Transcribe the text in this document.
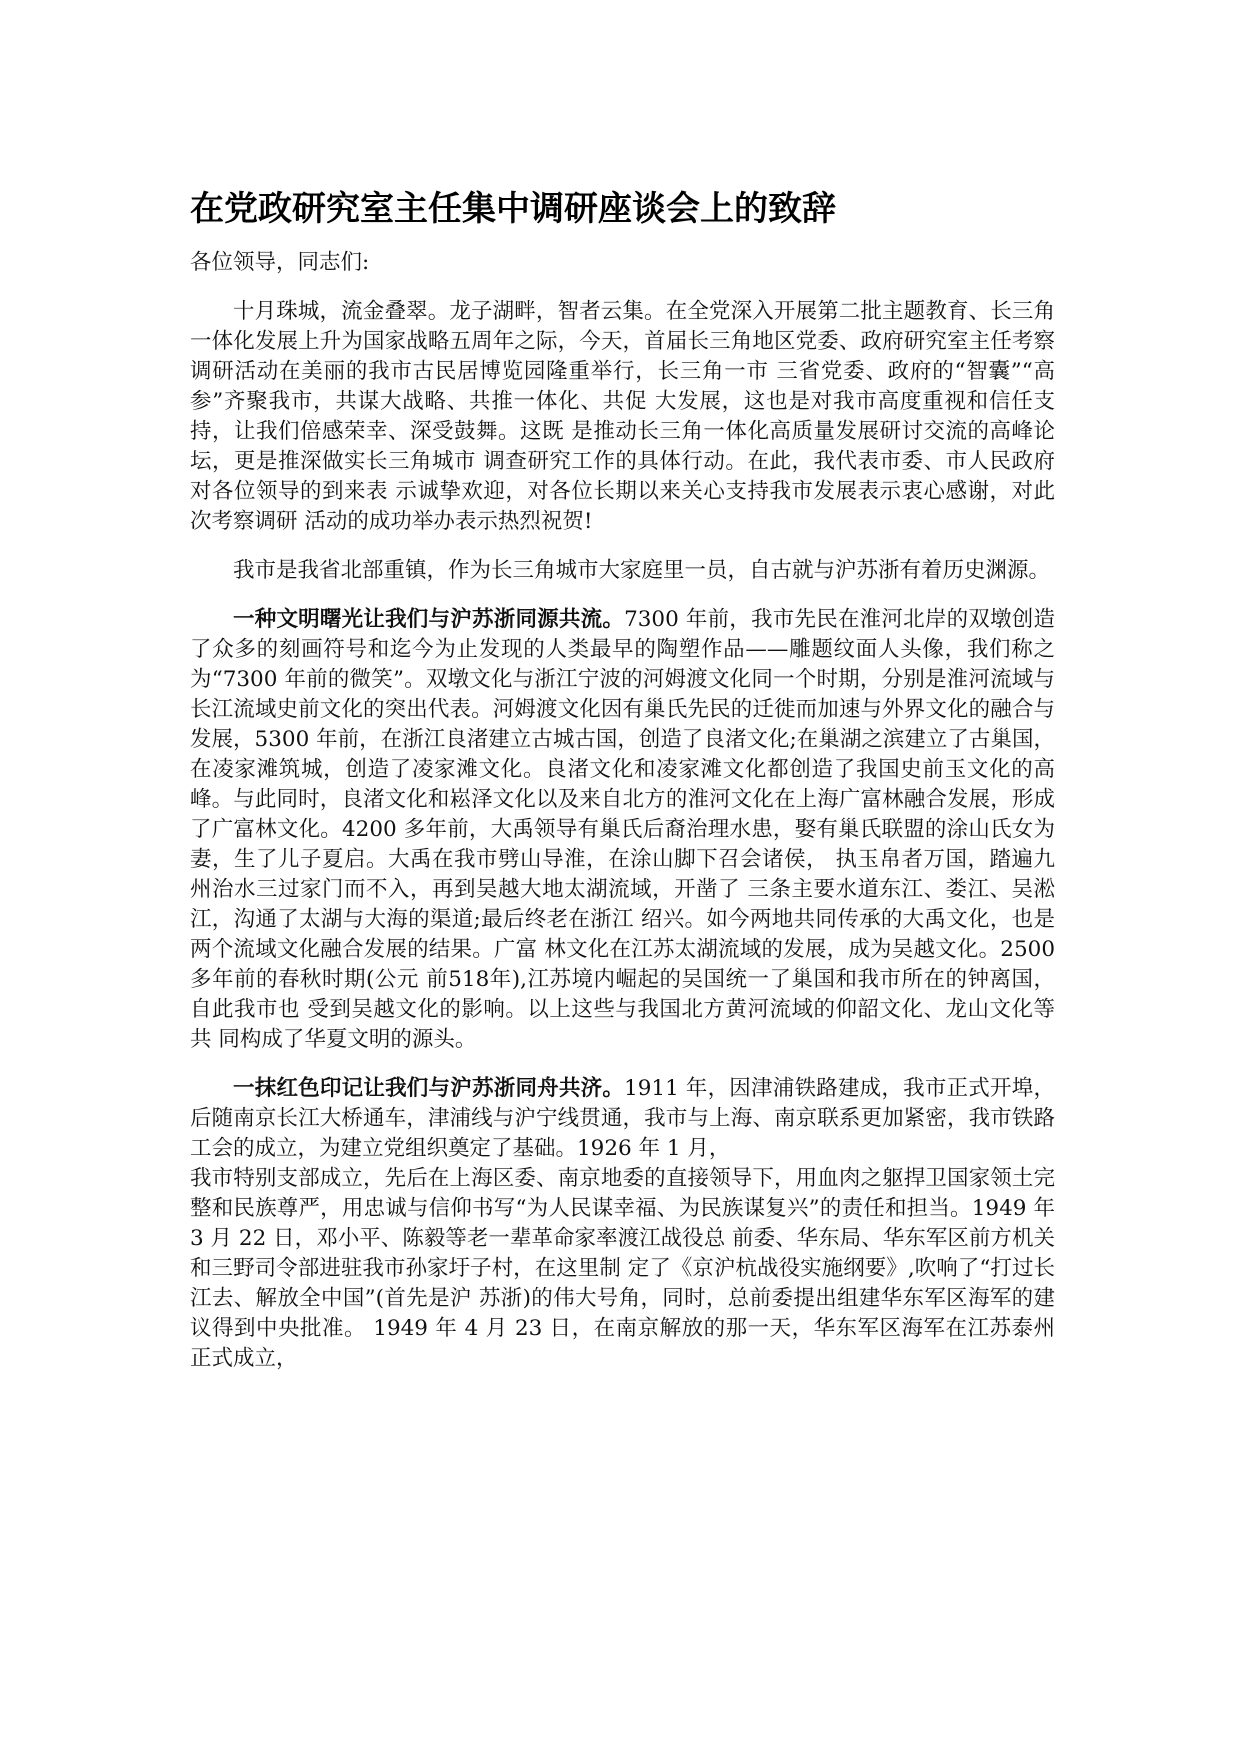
在党政研究室主任集中调研座谈会上的致辞

各位领导，同志们:

十月珠城，流金叠翠。龙子湖畔，智者云集。在全党深入开展第二批主题教育、长三角一体化发展上升为国家战略五周年之际，今天，首届长三角地区党委、政府研究室主任考察调研活动在美丽的我市古民居博览园隆重举行，长三角一市 三省党委、政府的“智囊”“高参”齐聚我市，共谋大战略、共推一体化、共促 大发展，这也是对我市高度重视和信任支持，让我们倍感荣幸、深受鼓舞。这既 是推动长三角一体化高质量发展研讨交流的高峰论坛，更是推深做实长三角城市 调查研究工作的具体行动。在此，我代表市委、市人民政府对各位领导的到来表 示诚挚欢迎，对各位长期以来关心支持我市发展表示衷心感谢，对此次考察调研 活动的成功举办表示热烈祝贺!

我市是我省北部重镇，作为长三角城市大家庭里一员，自古就与沪苏浙有着历史渊源。

一种文明曙光让我们与沪苏浙同源共流。7300 年前，我市先民在淮河北岸的双墩创造了众多的刻画符号和迄今为止发现的人类最早的陶塑作品——雕题纹面人头像，我们称之为“7300 年前的微笑”。双墩文化与浙江宁波的河姆渡文化同一个时期，分别是淮河流域与长江流域史前文化的突出代表。河姆渡文化因有巢氏先民的迁徙而加速与外界文化的融合与发展，5300 年前，在浙江良渚建立古城古国，创造了良渚文化;在巢湖之滨建立了古巢国，在凌家滩筑城，创造了凌家滩文化。良渚文化和凌家滩文化都创造了我国史前玉文化的高峰。与此同时，良渚文化和崧泽文化以及来自北方的淮河文化在上海广富林融合发展，形成了广富林文化。4200 多年前，大禹领导有巢氏后裔治理水患，娶有巢氏联盟的涂山氏女为妻，生了儿子夏启。大禹在我市劈山导淮，在涂山脚下召会诸侯， 执玉帛者万国，踏遍九州治水三过家门而不入，再到吴越大地太湖流域，开凿了 三条主要水道东江、娄江、吴淞江，沟通了太湖与大海的渠道;最后终老在浙江 绍兴。如今两地共同传承的大禹文化，也是两个流域文化融合发展的结果。广富 林文化在江苏太湖流域的发展，成为吴越文化。2500 多年前的春秋时期(公元 前518年),江苏境内崛起的吴国统一了巢国和我市所在的钟离国，自此我市也 受到吴越文化的影响。以上这些与我国北方黄河流域的仰韶文化、龙山文化等共 同构成了华夏文明的源头。

一抹红色印记让我们与沪苏浙同舟共济。1911 年，因津浦铁路建成，我市正式开埠，后随南京长江大桥通车，津浦线与沪宁线贯通，我市与上海、南京联系更加紧密，我市铁路工会的成立，为建立党组织奠定了基础。1926 年 1 月，

我市特别支部成立，先后在上海区委、南京地委的直接领导下，用血肉之躯捍卫国家领土完整和民族尊严，用忠诚与信仰书写“为人民谋幸福、为民族谋复兴”的责任和担当。1949 年 3 月 22 日，邓小平、陈毅等老一辈革命家率渡江战役总 前委、华东局、华东军区前方机关和三野司令部进驻我市孙家圩子村，在这里制 定了《京沪杭战役实施纲要》,吹响了“打过长江去、解放全中国”(首先是沪 苏浙)的伟大号角，同时，总前委提出组建华东军区海军的建议得到中央批准。 1949 年 4 月 23 日，在南京解放的那一天，华东军区海军在江苏泰州正式成立，
